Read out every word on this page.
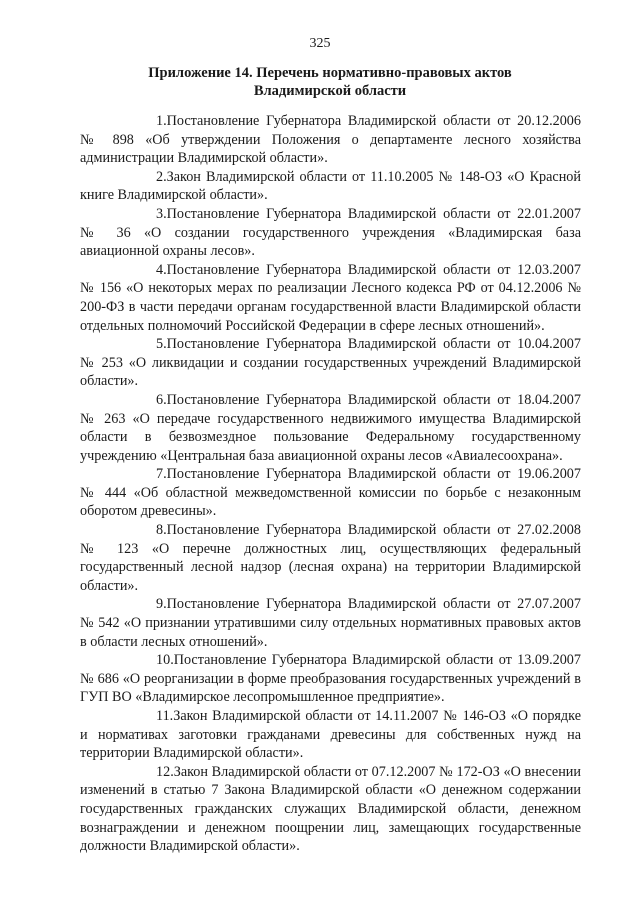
325
Приложение 14. Перечень нормативно-правовых актов
Владимирской области

1.Постановление Губернатора Владимирской области от 20.12.2006 № 898 «Об утверждении Положения о департаменте лесного хозяйства администрации Владимирской области».

2.Закон Владимирской области от 11.10.2005 № 148-ОЗ «О Красной книге Владимирской области».

3.Постановление Губернатора Владимирской области от 22.01.2007 № 36 «О создании государственного учреждения «Владимирская база авиационной охраны лесов».

4.Постановление Губернатора Владимирской области от 12.03.2007 № 156 «О некоторых мерах по реализации Лесного кодекса РФ от 04.12.2006 № 200-ФЗ в части передачи органам государственной власти Владимирской области отдельных полномочий Российской Федерации в сфере лесных отношений».

5.Постановление Губернатора Владимирской области от 10.04.2007 № 253 «О ликвидации и создании государственных учреждений Владимирской области».

6.Постановление Губернатора Владимирской области от 18.04.2007 № 263 «О передаче государственного недвижимого имущества Владимирской области в безвозмездное пользование Федеральному государственному учреждению «Центральная база авиационной охраны лесов «Авиалесоохрана».

7.Постановление Губернатора Владимирской области от 19.06.2007 № 444 «Об областной межведомственной комиссии по борьбе с незаконным оборотом древесины».

8.Постановление Губернатора Владимирской области от 27.02.2008 № 123 «О перечне должностных лиц, осуществляющих федеральный государственный лесной надзор (лесная охрана) на территории Владимирской области».

9.Постановление Губернатора Владимирской области от 27.07.2007 № 542 «О признании утратившими силу отдельных нормативных правовых актов в области лесных отношений».

10.Постановление Губернатора Владимирской области от 13.09.2007 № 686 «О реорганизации в форме преобразования государственных учреждений в ГУП ВО «Владимирское лесопромышленное предприятие».

11.Закон Владимирской области от 14.11.2007 № 146-ОЗ «О порядке и нормативах заготовки гражданами древесины для собственных нужд на территории Владимирской области».

12.Закон Владимирской области от 07.12.2007 № 172-ОЗ «О внесении изменений в статью 7 Закона Владимирской области «О денежном содержании государственных гражданских служащих Владимирской области, денежном вознаграждении и денежном поощрении лиц, замещающих государственные должности Владимирской области».
